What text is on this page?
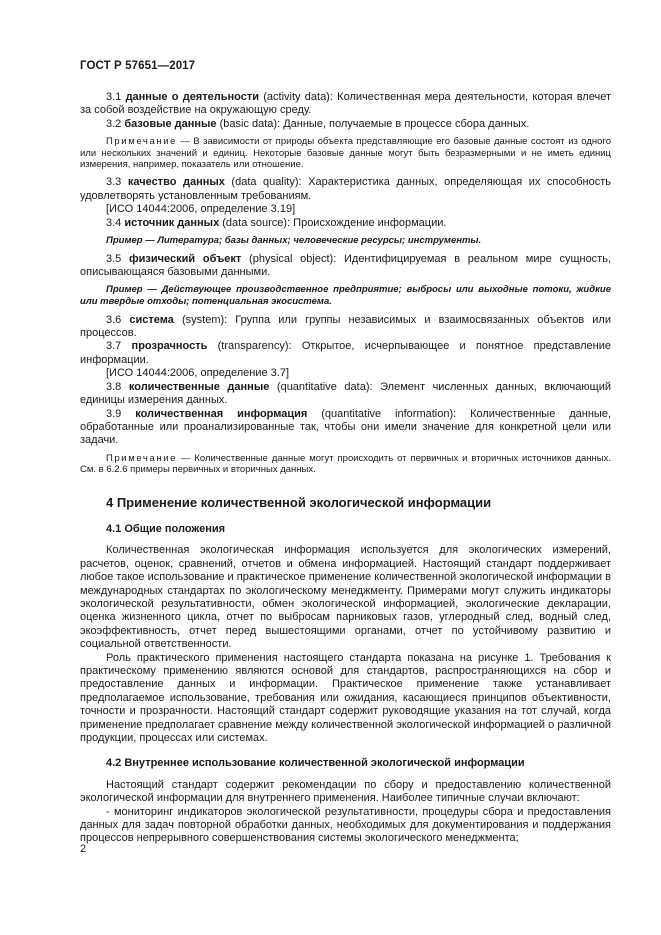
ГОСТ Р 57651—2017

3.1 данные о деятельности (activity data): Количественная мера деятельности, которая влечет за собой воздействие на окружающую среду.

3.2 базовые данные (basic data): Данные, получаемые в процессе сбора данных.

Примечание — В зависимости от природы объекта представляющие его базовые данные состоят из одного или нескольких значений и единиц. Некоторые базовые данные могут быть безразмерными и не иметь единиц измерения, например, показатель или отношение.

3.3 качество данных (data quality): Характеристика данных, определяющая их способность удовлетворять установленным требованиям.

[ИСО 14044:2006, определение 3.19]

3.4 источник данных (data source): Происхождение информации.

Пример — Литература; базы данных; человеческие ресурсы; инструменты.

3.5 физический объект (physical object): Идентифицируемая в реальном мире сущность, описывающаяся базовыми данными.

Пример — Действующее производственное предприятие; выбросы или выходные потоки, жидкие или твердые отходы; потенциальная экосистема.

3.6 система (system): Группа или группы независимых и взаимосвязанных объектов или процессов.

3.7 прозрачность (transparency): Открытое, исчерпывающее и понятное представление информации.

[ИСО 14044:2006, определение 3.7]

3.8 количественные данные (quantitative data): Элемент численных данных, включающий единицы измерения данных.

3.9 количественная информация (quantitative information): Количественные данные, обработанные или проанализированные так, чтобы они имели значение для конкретной цели или задачи.

Примечание — Количественные данные могут происходить от первичных и вторичных источников данных. См. в 6.2.6 примеры первичных и вторичных данных.

4 Применение количественной экологической информации
4.1 Общие положения

Количественная экологическая информация используется для экологических измерений, расчетов, оценок, сравнений, отчетов и обмена информацией. Настоящий стандарт поддерживает любое такое использование и практическое применение количественной экологической информации в международных стандартах по экологическому менеджменту. Примерами могут служить индикаторы экологической результативности, обмен экологической информацией, экологические декларации, оценка жизненного цикла, отчет по выбросам парниковых газов, углеродный след, водный след, экоэффективность, отчет перед вышестоящими органами, отчет по устойчивому развитию и социальной ответственности.

Роль практического применения настоящего стандарта показана на рисунке 1. Требования к практическому применению являются основой для стандартов, распространяющихся на сбор и предоставление данных и информации. Практическое применение также устанавливает предполагаемое использование, требования или ожидания, касающиеся принципов объективности, точности и прозрачности. Настоящий стандарт содержит руководящие указания на тот случай, когда применение предполагает сравнение между количественной экологической информацией о различной продукции, процессах или системах.

4.2 Внутреннее использование количественной экологической информации

Настоящий стандарт содержит рекомендации по сбору и предоставлению количественной экологической информации для внутреннего применения. Наиболее типичные случаи включают:

- мониторинг индикаторов экологической результативности, процедуры сбора и предоставления данных для задач повторной обработки данных, необходимых для документирования и поддержания процессов непрерывного совершенствования системы экологического менеджмента;

2
